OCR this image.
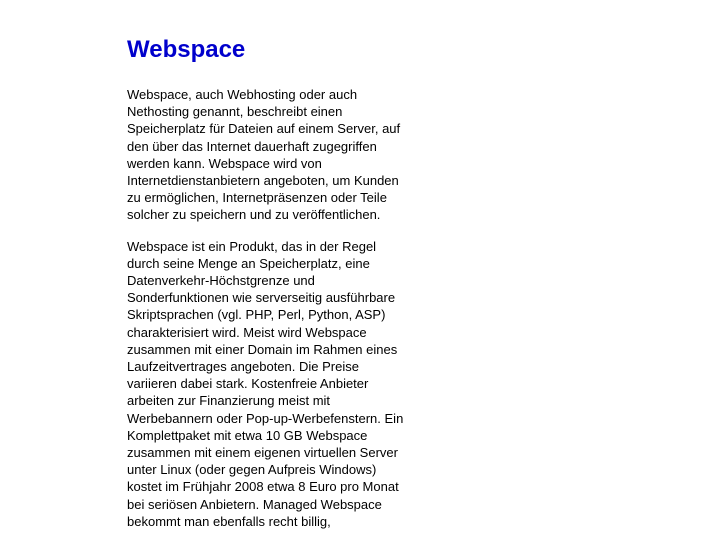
Webspace

Webspace, auch Webhosting oder auch Nethosting genannt, beschreibt einen Speicherplatz für Dateien auf einem Server, auf den über das Internet dauerhaft zugegriffen werden kann. Webspace wird von Internetdienstanbietern angeboten, um Kunden zu ermöglichen, Internetpräsenzen oder Teile solcher zu speichern und zu veröffentlichen.

Webspace ist ein Produkt, das in der Regel durch seine Menge an Speicherplatz, eine Datenverkehr-Höchstgrenze und Sonderfunktionen wie serverseitig ausführbare Skriptsprachen (vgl. PHP, Perl, Python, ASP) charakterisiert wird. Meist wird Webspace zusammen mit einer Domain im Rahmen eines Laufzeitvertrages angeboten. Die Preise variieren dabei stark. Kostenfreie Anbieter arbeiten zur Finanzierung meist mit Werbebannern oder Pop-up-Werbefenstern. Ein Komplettpaket mit etwa 10 GB Webspace zusammen mit einem eigenen virtuellen Server unter Linux (oder gegen Aufpreis Windows) kostet im Frühjahr 2008 etwa 8 Euro pro Monat bei seriösen Anbietern. Managed Webspace bekommt man ebenfalls recht billig,
